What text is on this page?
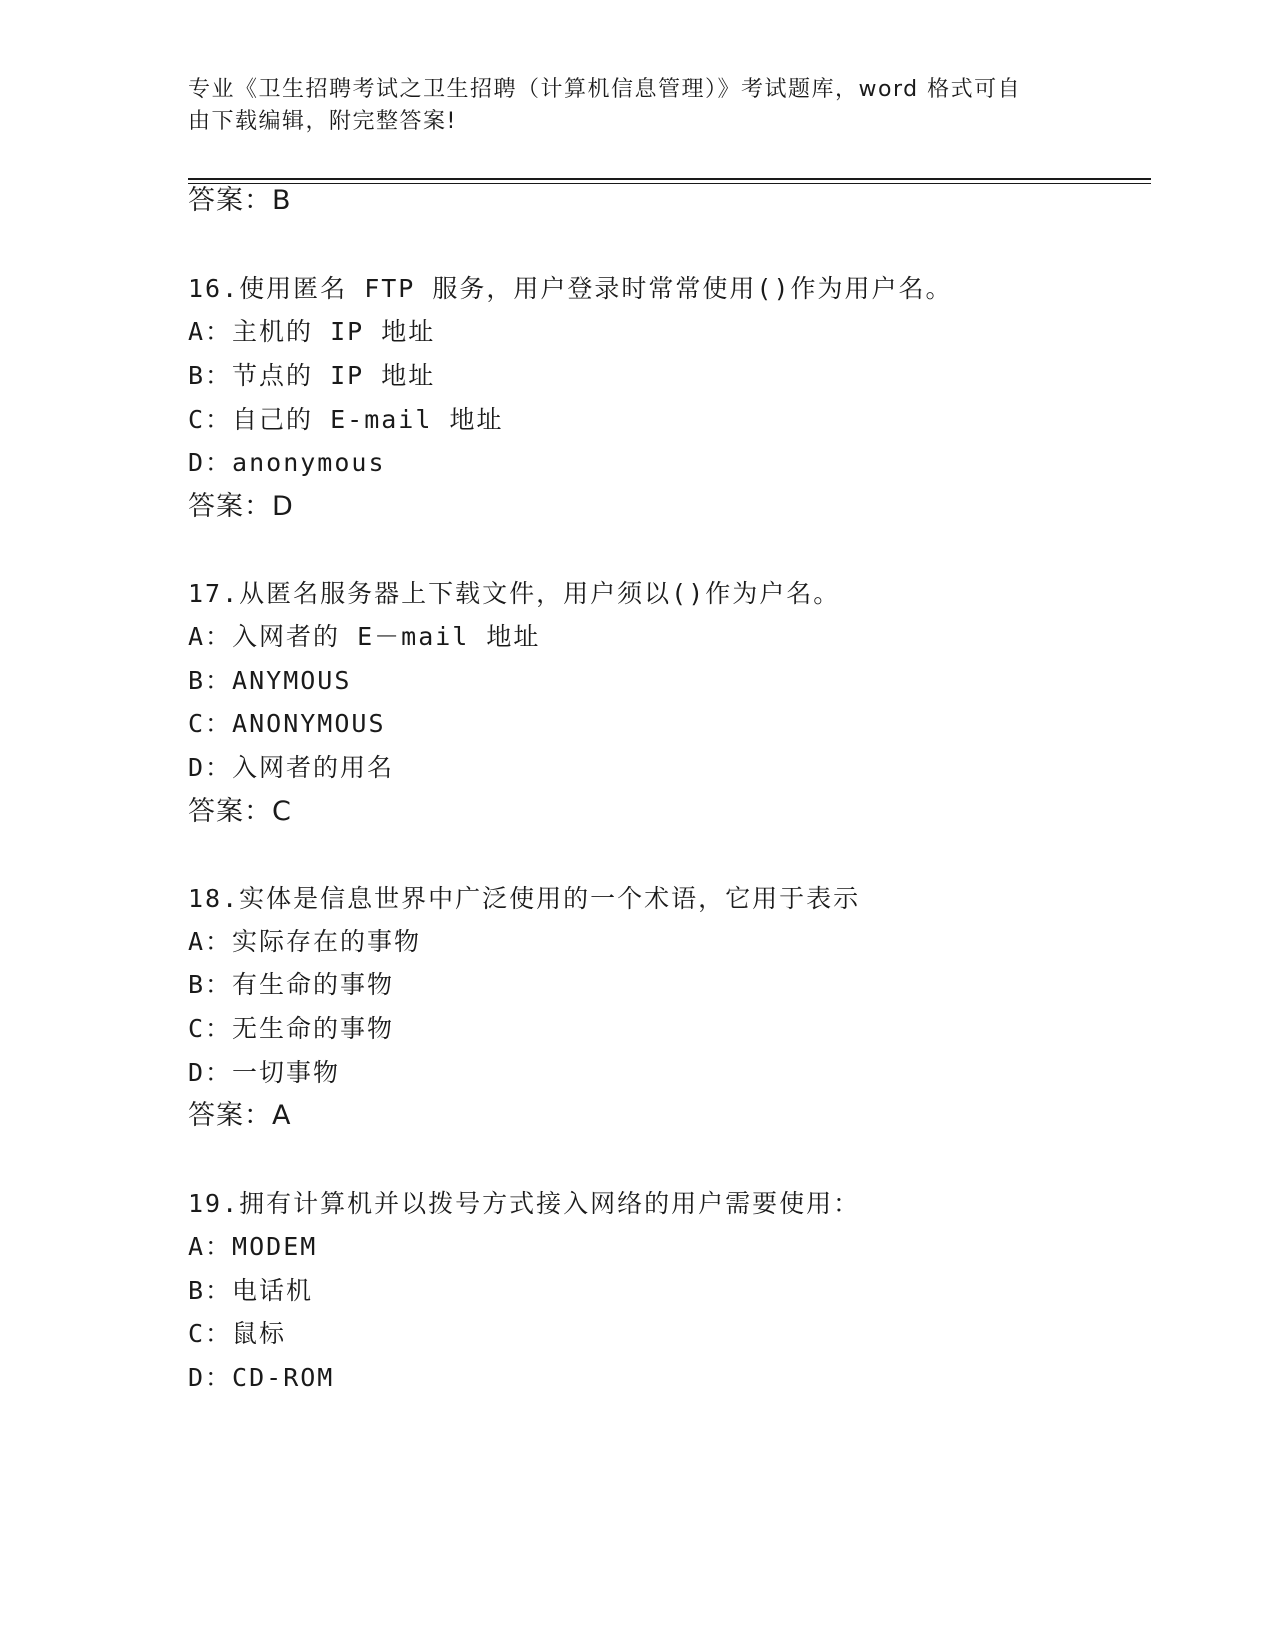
专业《卫生招聘考试之卫生招聘（计算机信息管理）》考试题库，word 格式可自
由下载编辑，附完整答案!
答案：B
16.使用匿名 FTP 服务，用户登录时常常使用()作为用户名。
A：主机的 IP 地址
B：节点的 IP 地址
C：自己的 E-mail 地址
D：anonymous
答案：D
17.从匿名服务器上下载文件，用户须以()作为户名。
A：入网者的 E－mail 地址
B：ANYMOUS
C：ANONYMOUS
D：入网者的用名
答案：C
18.实体是信息世界中广泛使用的一个术语，它用于表示
A：实际存在的事物
B：有生命的事物
C：无生命的事物
D：一切事物
答案：A
19.拥有计算机并以拨号方式接入网络的用户需要使用：
A：MODEM
B：电话机
C：鼠标
D：CD-ROM
